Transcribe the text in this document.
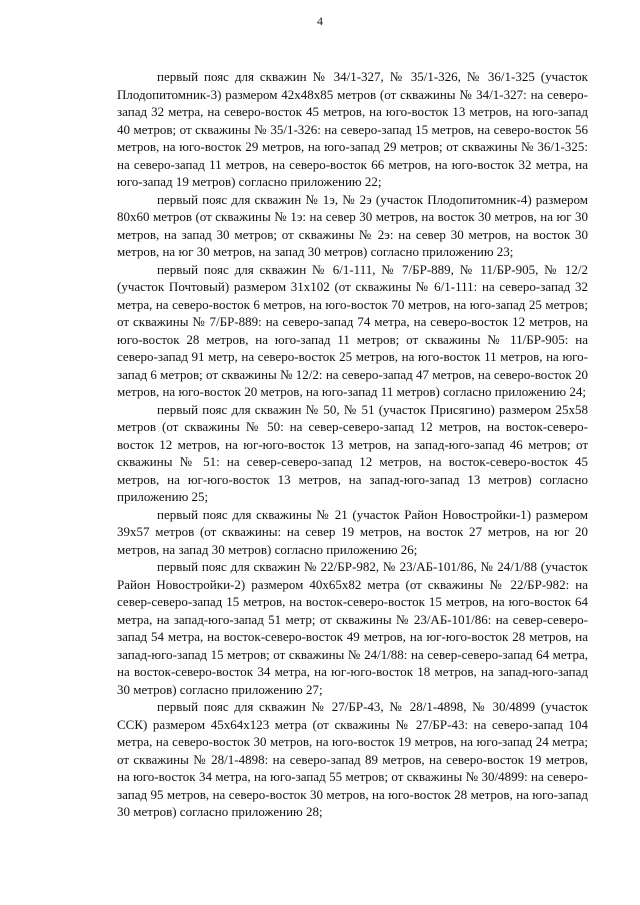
4

первый пояс для скважин № 34/1-327, № 35/1-326, № 36/1-325 (участок Плодопитомник-3) размером 42х48х85 метров (от скважины № 34/1-327: на северо-запад 32 метра, на северо-восток 45 метров, на юго-восток 13 метров, на юго-запад 40 метров; от скважины № 35/1-326: на северо-запад 15 метров, на северо-восток 56 метров, на юго-восток 29 метров, на юго-запад 29 метров; от скважины № 36/1-325: на северо-запад 11 метров, на северо-восток 66 метров, на юго-восток 32 метра, на юго-запад 19 метров) согласно приложению 22;

первый пояс для скважин № 1э, № 2э (участок Плодопитомник-4) размером 80х60 метров (от скважины № 1э: на север 30 метров, на восток 30 метров, на юг 30 метров, на запад 30 метров; от скважины № 2э: на север 30 метров, на восток 30 метров, на юг 30 метров, на запад 30 метров) согласно приложению 23;

первый пояс для скважин № 6/1-111, № 7/БР-889, № 11/БР-905, № 12/2 (участок Почтовый) размером 31х102 (от скважины № 6/1-111: на северо-запад 32 метра, на северо-восток 6 метров, на юго-восток 70 метров, на юго-запад 25 метров; от скважины № 7/БР-889: на северо-запад 74 метра, на северо-восток 12 метров, на юго-восток 28 метров, на юго-запад 11 метров; от скважины № 11/БР-905: на северо-запад 91 метр, на северо-восток 25 метров, на юго-восток 11 метров, на юго-запад 6 метров; от скважины № 12/2: на северо-запад 47 метров, на северо-восток 20 метров, на юго-восток 20 метров, на юго-запад 11 метров) согласно приложению 24;

первый пояс для скважин № 50, № 51 (участок Присягино) размером 25х58 метров (от скважины № 50: на север-северо-запад 12 метров, на восток-северо-восток 12 метров, на юг-юго-восток 13 метров, на запад-юго-запад 46 метров; от скважины № 51: на север-северо-запад 12 метров, на восток-северо-восток 45 метров, на юг-юго-восток 13 метров, на запад-юго-запад 13 метров) согласно приложению 25;

первый пояс для скважины № 21 (участок Район Новостройки-1) размером 39х57 метров (от скважины: на север 19 метров, на восток 27 метров, на юг 20 метров, на запад 30 метров) согласно приложению 26;

первый пояс для скважин № 22/БР-982, № 23/АБ-101/86, № 24/1/88 (участок Район Новостройки-2) размером 40х65х82 метра (от скважины № 22/БР-982: на север-северо-запад 15 метров, на восток-северо-восток 15 метров, на юго-восток 64 метра, на запад-юго-запад 51 метр; от скважины № 23/АБ-101/86: на север-северо-запад 54 метра, на восток-северо-восток 49 метров, на юг-юго-восток 28 метров, на запад-юго-запад 15 метров; от скважины № 24/1/88: на север-северо-запад 64 метра, на восток-северо-восток 34 метра, на юг-юго-восток 18 метров, на запад-юго-запад 30 метров) согласно приложению 27;

первый пояс для скважин № 27/БР-43, № 28/1-4898, № 30/4899 (участок ССК) размером 45х64х123 метра (от скважины № 27/БР-43: на северо-запад 104 метра, на северо-восток 30 метров, на юго-восток 19 метров, на юго-запад 24 метра; от скважины № 28/1-4898: на северо-запад 89 метров, на северо-восток 19 метров, на юго-восток 34 метра, на юго-запад 55 метров; от скважины № 30/4899: на северо-запад 95 метров, на северо-восток 30 метров, на юго-восток 28 метров, на юго-запад 30 метров) согласно приложению 28;
